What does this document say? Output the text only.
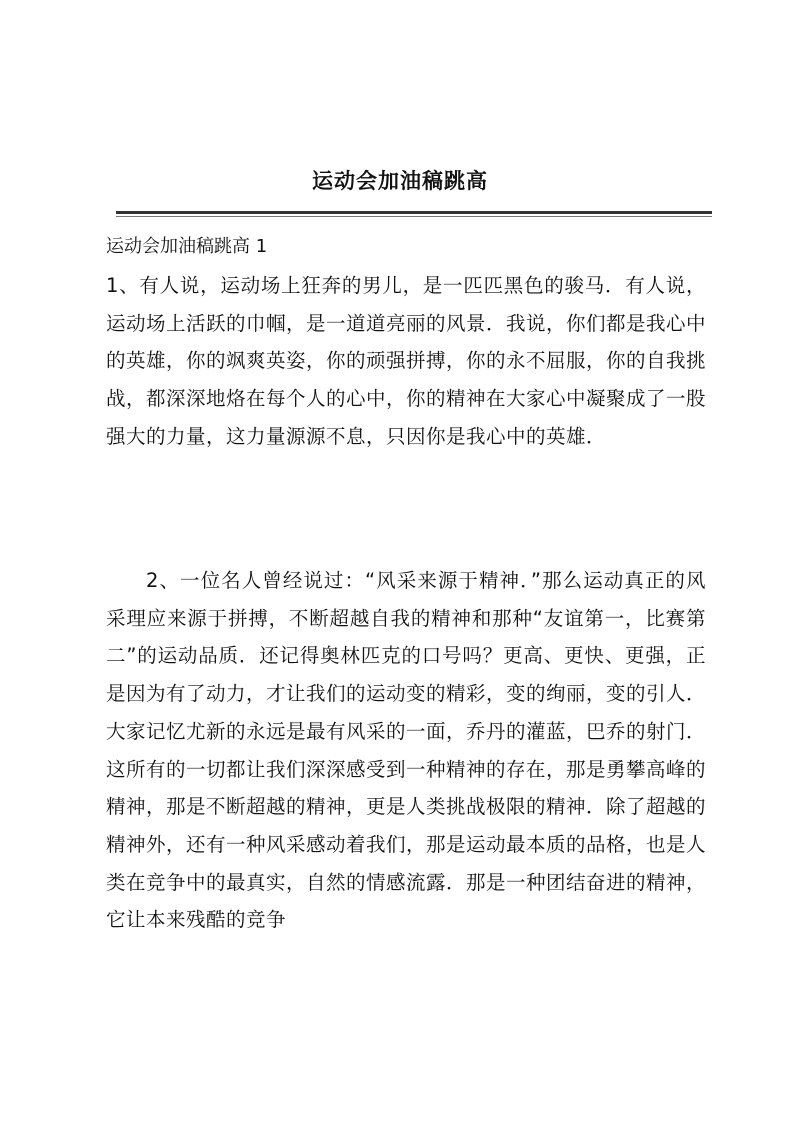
运动会加油稿跳高
运动会加油稿跳高 1

1、有人说，运动场上狂奔的男儿，是一匹匹黑色的骏马．有人说，运动场上活跃的巾帼，是一道道亮丽的风景．我说，你们都是我心中的英雄，你的飒爽英姿，你的顽强拼搏，你的永不屈服，你的自我挑战，都深深地烙在每个人的心中，你的精神在大家心中凝聚成了一股强大的力量，这力量源源不息，只因你是我心中的英雄．

2、一位名人曾经说过：“风采来源于精神．”那么运动真正的风采理应来源于拼搏，不断超越自我的精神和那种“友谊第一，比赛第二”的运动品质．还记得奥林匹克的口号吗？更高、更快、更强，正是因为有了动力，才让我们的运动变的精彩，变的绚丽，变的引人．大家记忆尤新的永远是最有风采的一面，乔丹的灌蓝，巴乔的射门．这所有的一切都让我们深深感受到一种精神的存在，那是勇攀高峰的精神，那是不断超越的精神，更是人类挑战极限的精神．除了超越的精神外，还有一种风采感动着我们，那是运动最本质的品格，也是人类在竞争中的最真实，自然的情感流露．那是一种团结奋进的精神，它让本来残酷的竞争
